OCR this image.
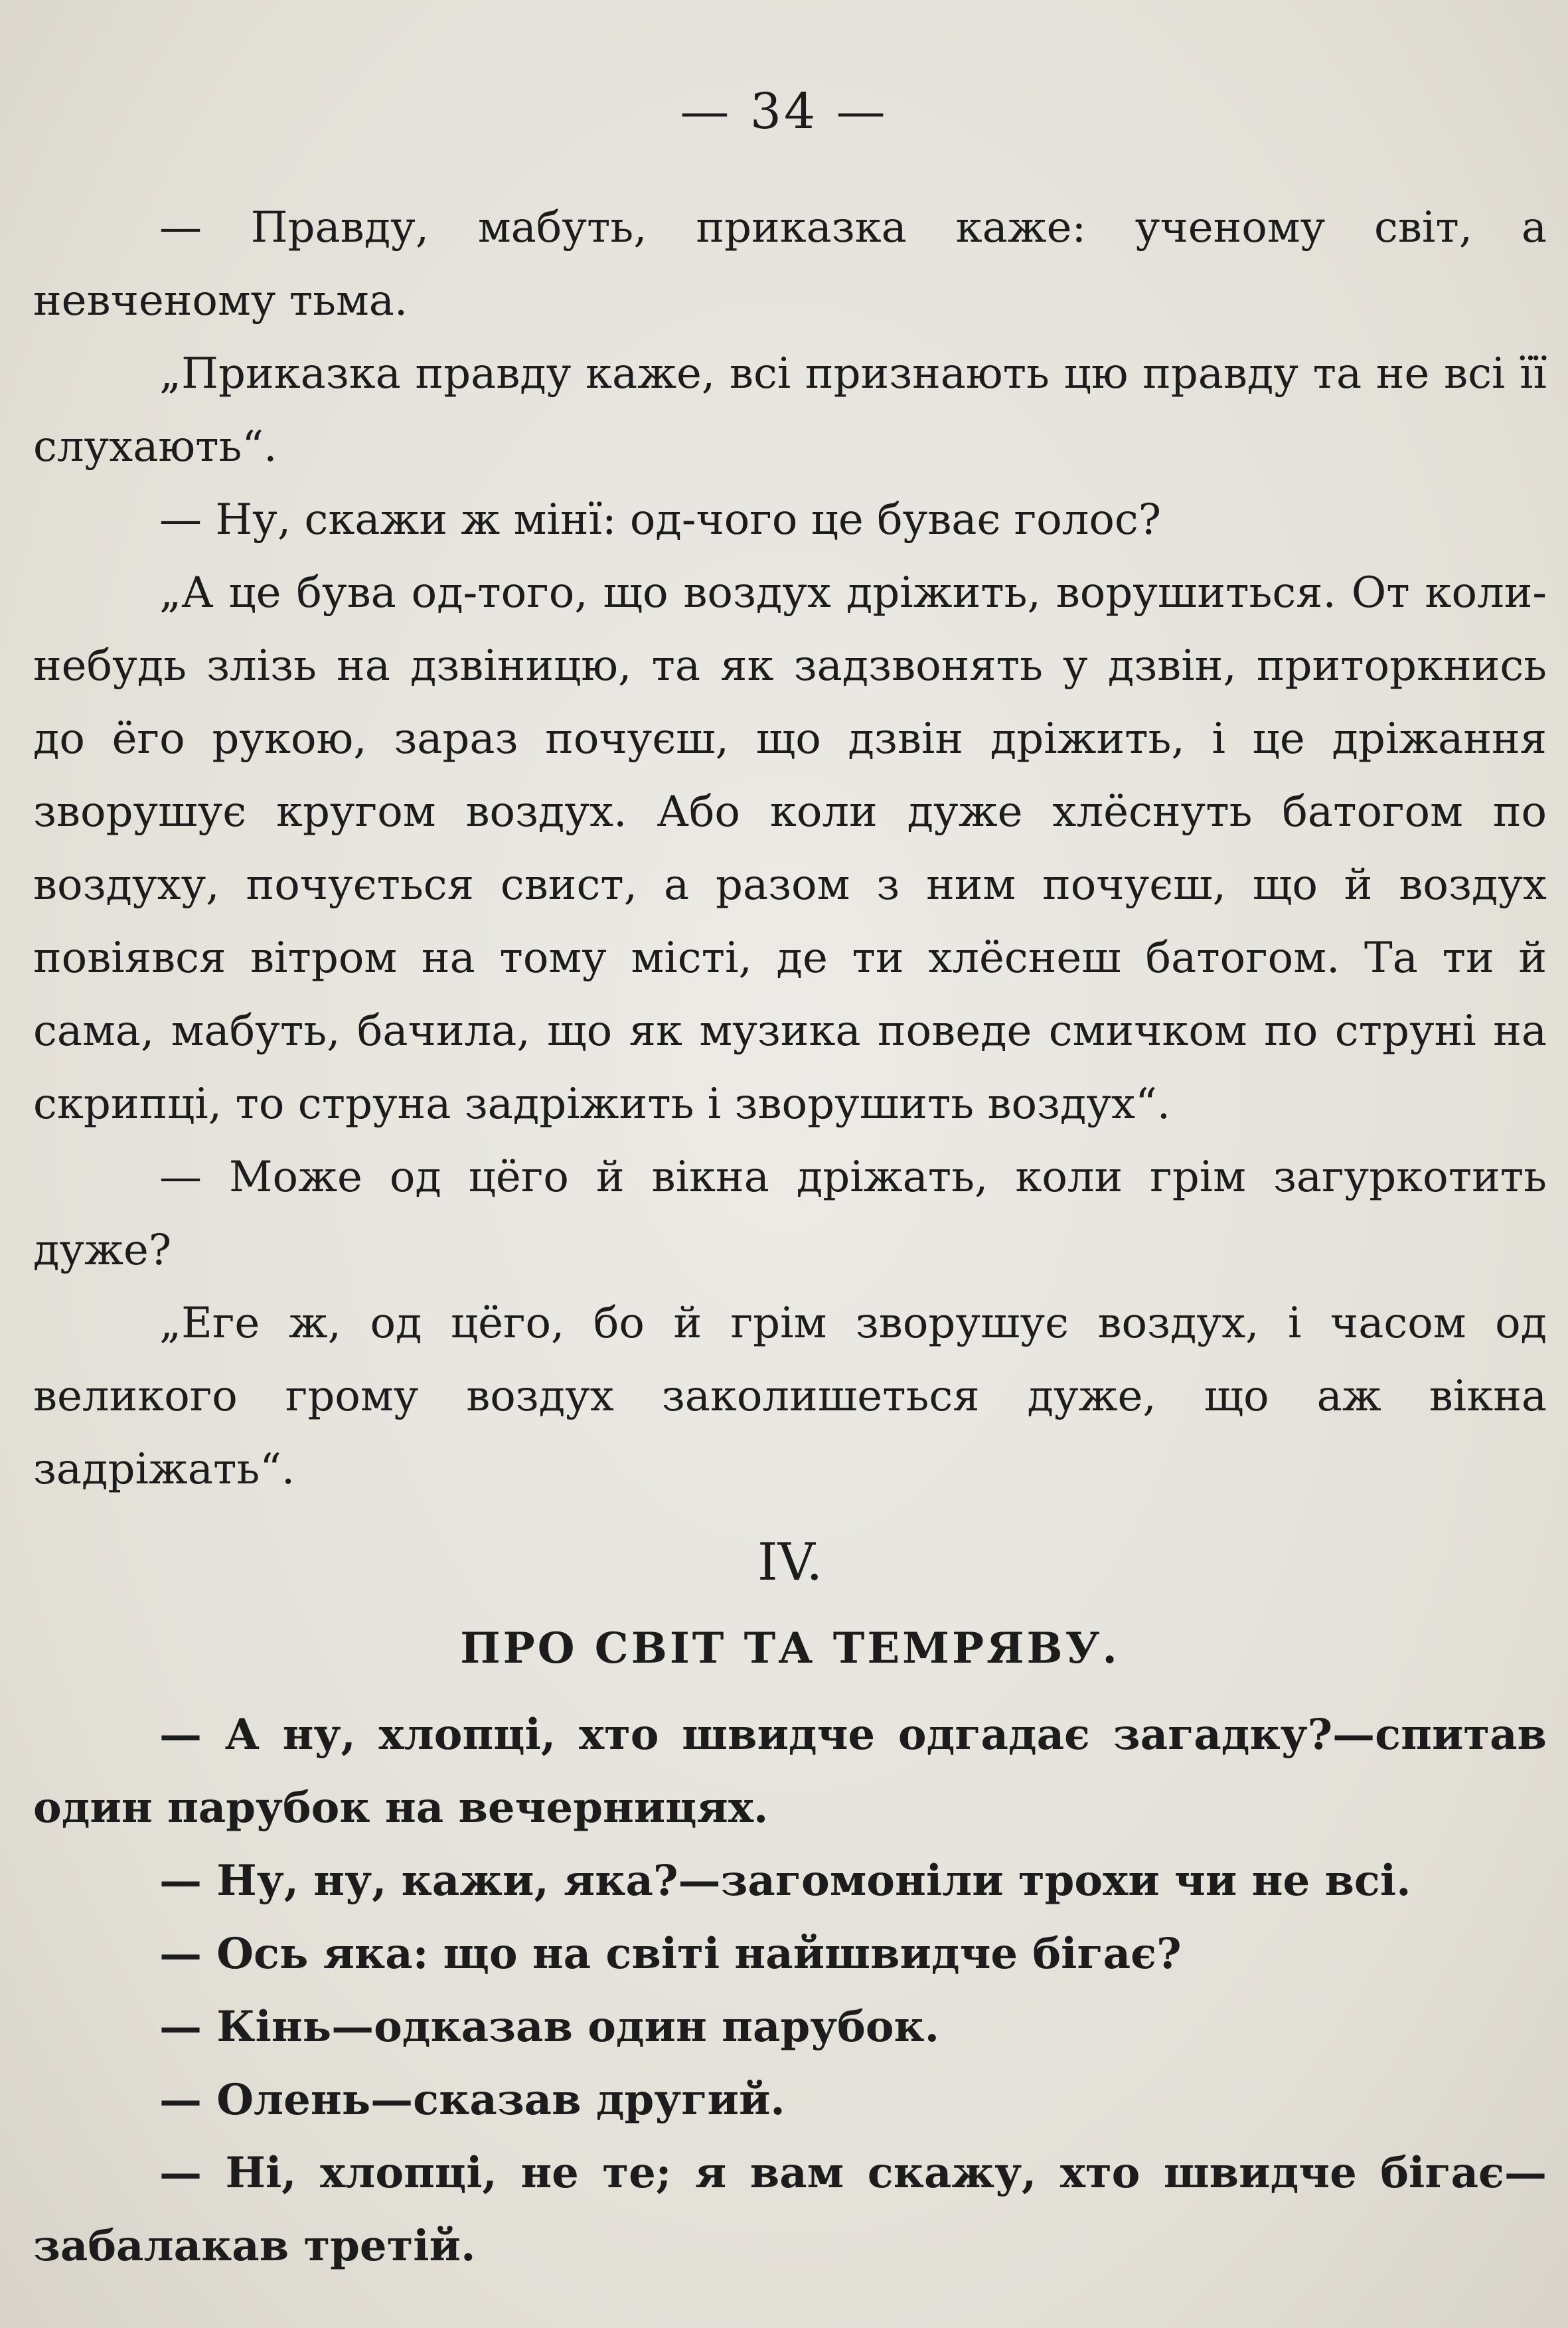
— 34 —

— Правду, мабуть, приказка каже: ученому світ, а невченому тьма.

„Приказка правду каже, всі признають цю правду та не всі її слухають“.

— Ну, скажи ж мінї: од-чого це буває голос?

„А це бува од-того, що воздух дріжить, ворушиться. От коли-небудь злізь на дзвіницю, та як задзвонять у дзвін, приторкнись до ёго рукою, зараз почуєш, що дзвін дріжить, і це дріжання зворушує кругом воздух. Або коли дуже хлёснуть батогом по воздуху, почується свист, а разом з ним почуєш, що й воздух повіявся вітром на тому місті, де ти хлёснеш батогом. Та ти й сама, мабуть, бачила, що як музика поведе смичком по струні на скрипці, то струна задріжить і зворушить воздух“.

— Може од цёго й вікна дріжать, коли грім загуркотить дуже?

„Еге ж, од цёго, бо й грім зворушує воздух, і часом од великого грому воздух заколишеться дуже, що аж вікна задріжать“.

IV.
ПРО СВІТ ТА ТЕМРЯВУ.

— А ну, хлопці, хто швидче одгадає загадку?—спитав один парубок на вечерницях.

— Ну, ну, кажи, яка?—загомоніли трохи чи не всі.

— Ось яка: що на світі найшвидче бігає?

— Кінь—одказав один парубок.

— Олень—сказав другий.

— Ні, хлопці, не те; я вам скажу, хто швидче бігає—забалакав третій.
